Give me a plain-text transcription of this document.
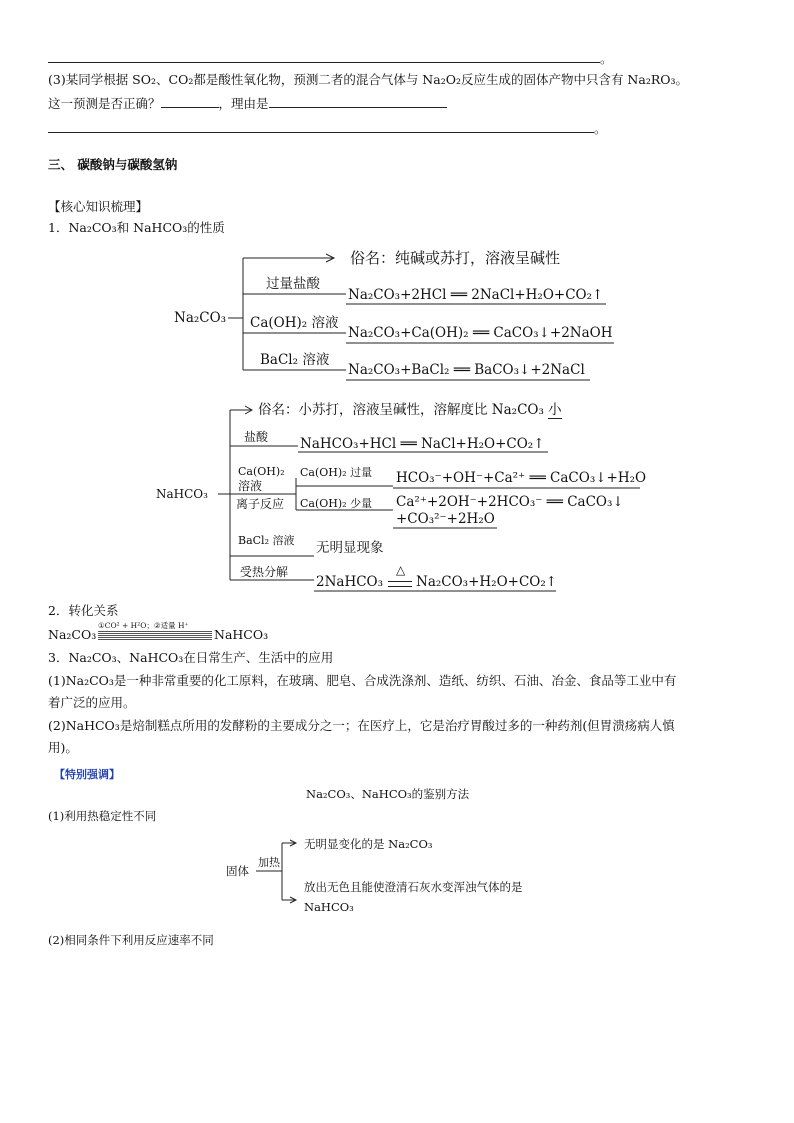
。
(3)某同学根据 SO₂、CO₂都是酸性氧化物，预测二者的混合气体与 Na₂O₂反应生成的固体产物中只含有 Na₂RO₃。
这一预测是否正确？	，理由是
。
三、 碳酸钠与碳酸氢钠
【核心知识梳理】
1．Na₂CO₃和 NaHCO₃的性质
Na₂CO₃
俗名：纯碱或苏打，溶液呈碱性
过量盐酸
Na₂CO₃+2HCl ══ 2NaCl+H₂O+CO₂↑
Ca(OH)₂ 溶液
Na₂CO₃+Ca(OH)₂ ══ CaCO₃↓+2NaOH
BaCl₂ 溶液
Na₂CO₃+BaCl₂ ══ BaCO₃↓+2NaCl
NaHCO₃
俗名：小苏打，溶液呈碱性，溶解度比 Na₂CO₃ 小
盐酸 NaHCO₃+HCl ══ NaCl+H₂O+CO₂↑
Ca(OH)₂
溶液
离子反应
Ca(OH)₂ 过量 HCO₃⁻+OH⁻+Ca²⁺ ══ CaCO₃↓+H₂O
Ca(OH)₂ 少量 Ca²⁺+2OH⁻+2HCO₃⁻ ══ CaCO₃↓
+CO₃²⁻+2H₂O
BaCl₂ 溶液 无明显现象
受热分解
2NaHCO₃
△
Na₂CO₃+H₂O+CO₂↑
2．转化关系
Na₂CO₃
①CO² + H²O；②适量 H⁺
NaHCO₃
3．Na₂CO₃、NaHCO₃在日常生产、生活中的应用
(1)Na₂CO₃是一种非常重要的化工原料，在玻璃、肥皂、合成洗涤剂、造纸、纺织、石油、冶金、食品等工业中有
着广泛的应用。
(2)NaHCO₃是焙制糕点所用的发酵粉的主要成分之一；在医疗上，它是治疗胃酸过多的一种药剂(但胃溃疡病人慎
用)。
【特别强调】
Na₂CO₃、NaHCO₃的鉴别方法
(1)利用热稳定性不同
固体
加热
无明显变化的是 Na₂CO₃
放出无色且能使澄清石灰水变浑浊气体的是
NaHCO₃
(2)相同条件下利用反应速率不同
